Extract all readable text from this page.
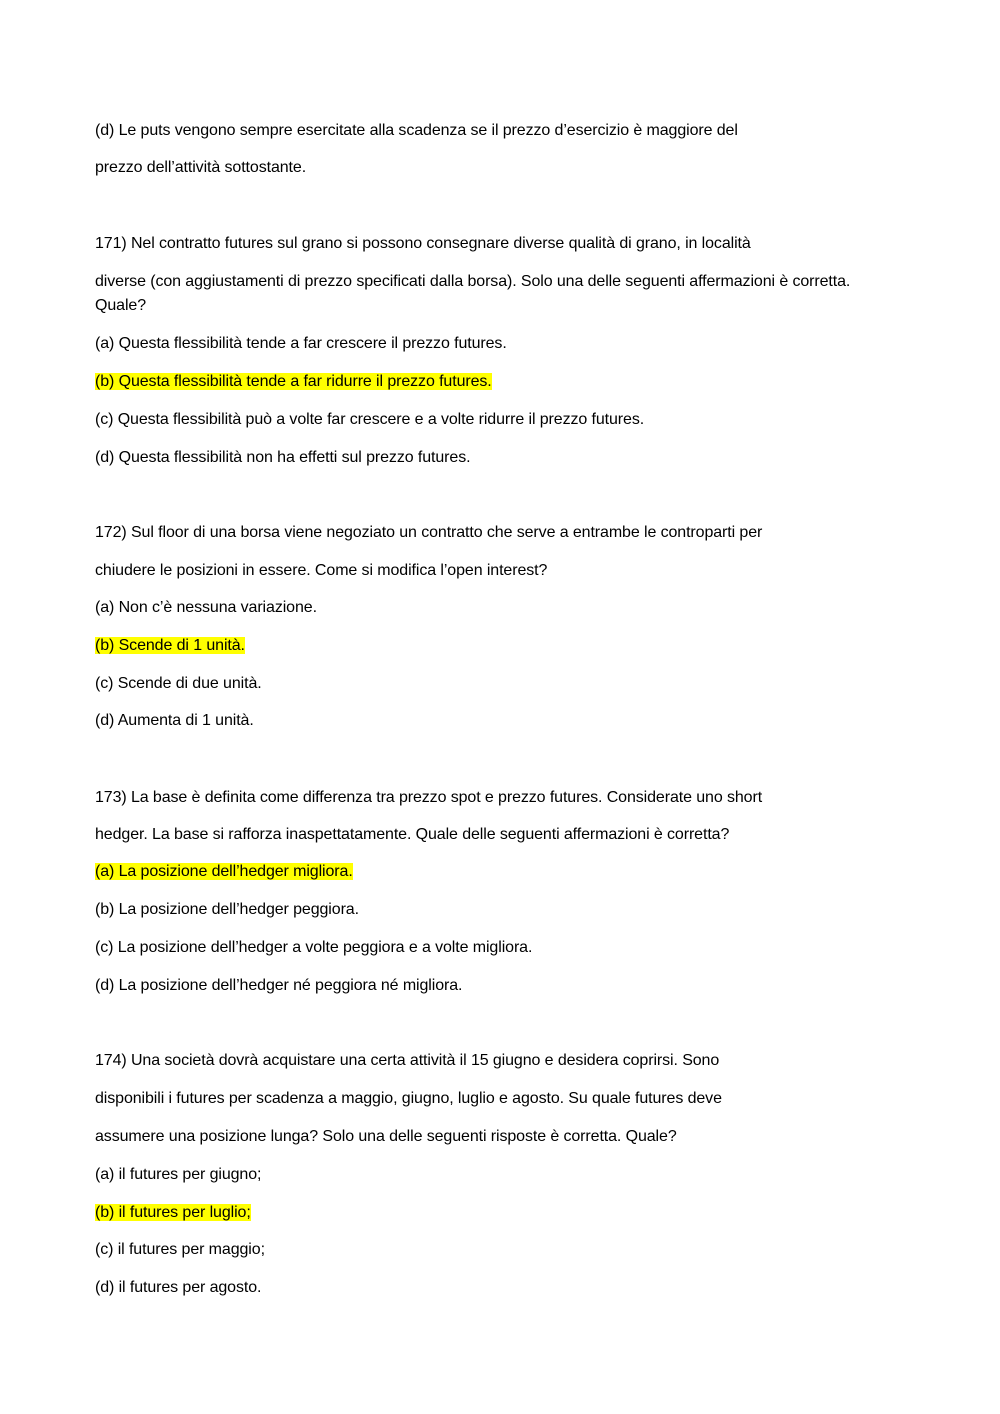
(d) Le puts vengono sempre esercitate alla scadenza se il prezzo d’esercizio è maggiore del
prezzo dell’attività sottostante.
171) Nel contratto futures sul grano si possono consegnare diverse qualità di grano, in località
diverse (con aggiustamenti di prezzo specificati dalla borsa). Solo una delle seguenti affermazioni è corretta.
Quale?
(a) Questa flessibilità tende a far crescere il prezzo futures.
(b) Questa flessibilità tende a far ridurre il prezzo futures.
(c) Questa flessibilità può a volte far crescere e a volte ridurre il prezzo futures.
(d) Questa flessibilità non ha effetti sul prezzo futures.
172) Sul floor di una borsa viene negoziato un contratto che serve a entrambe le controparti per
chiudere le posizioni in essere. Come si modifica l’open interest?
(a) Non c’è nessuna variazione.
(b) Scende di 1 unità.
(c) Scende di due unità.
(d) Aumenta di 1 unità.
173) La base è definita come differenza tra prezzo spot e prezzo futures. Considerate uno short
hedger. La base si rafforza inaspettatamente. Quale delle seguenti affermazioni è corretta?
(a) La posizione dell’hedger migliora.
(b) La posizione dell’hedger peggiora.
(c) La posizione dell’hedger a volte peggiora e a volte migliora.
(d) La posizione dell’hedger né peggiora né migliora.
174) Una società dovrà acquistare una certa attività il 15 giugno e desidera coprirsi. Sono
disponibili i futures per scadenza a maggio, giugno, luglio e agosto. Su quale futures deve
assumere una posizione lunga? Solo una delle seguenti risposte è corretta. Quale?
(a) il futures per giugno;
(b) il futures per luglio;
(c) il futures per maggio;
(d) il futures per agosto.
